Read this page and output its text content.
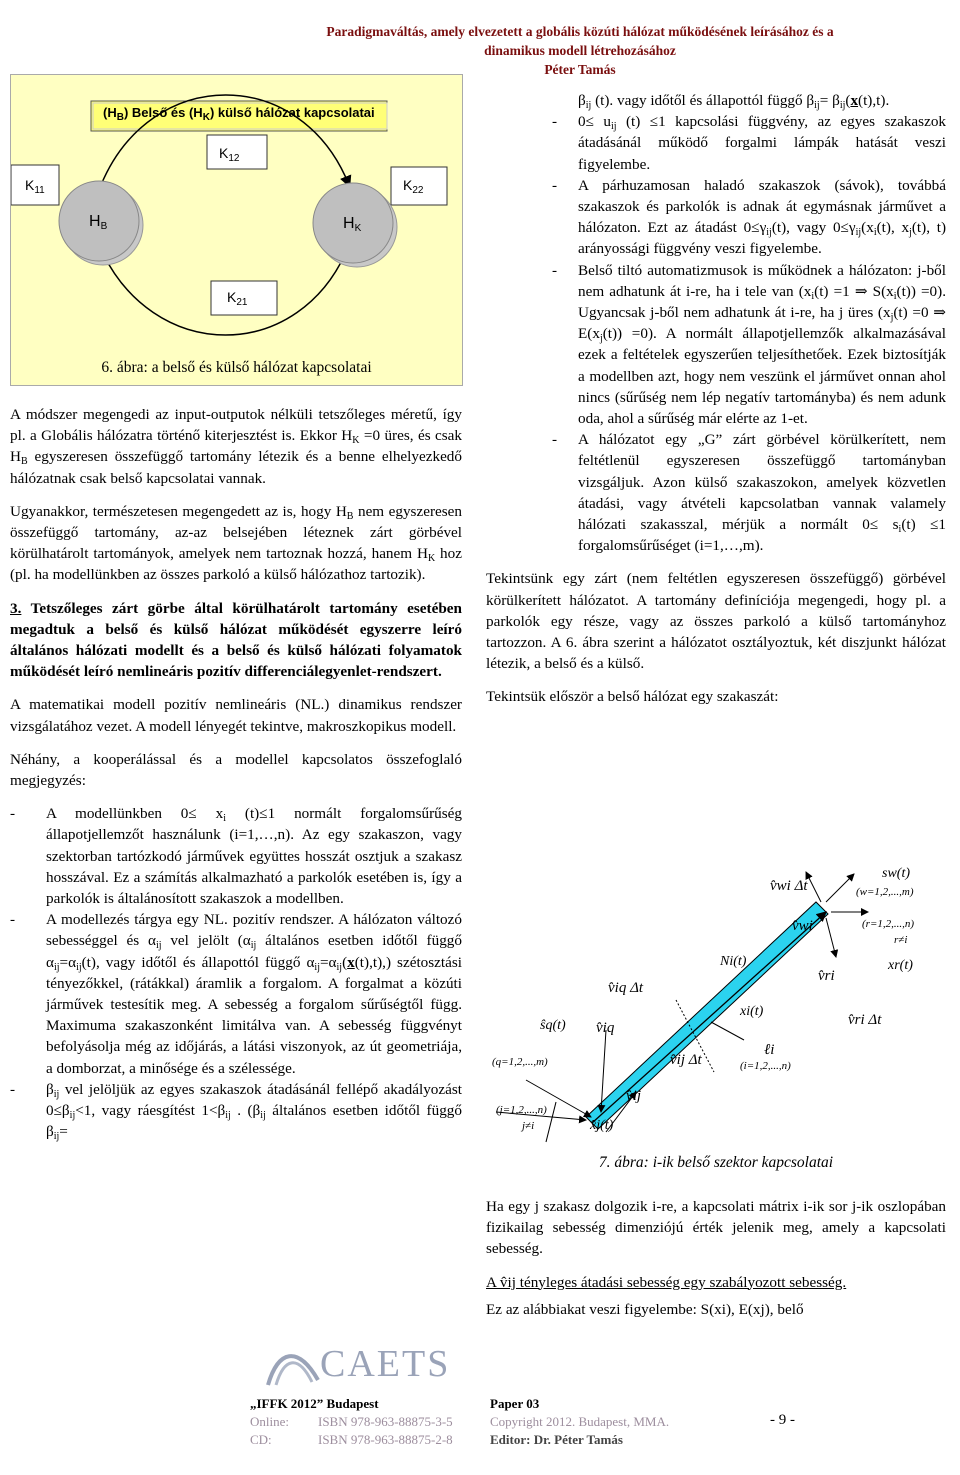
Paradigmaváltás, amely elvezetett a globális közúti hálózat működésének leírásához és a
dinamikus modell létrehozásához
Péter Tamás
$(H_B)$ Belső és $(H_K)$ külső hálózat kapcsolatai
$K_{11}$
$K_{12}$
$K_{21}$
$K_{22}$
$H_B$	$H_K$
6. ábra: a belső és külső hálózat kapcsolatai

A módszer megengedi az input-outputok nélküli tetszőleges méretű, így pl. a Globális hálózatra történő kiterjesztést is. Ekkor $H_K =0$ üres, és csak $H_B$ egyszeresen összefüggő tartomány létezik és a benne elhelyezkedő hálózatnak csak belső kapcsolatai vannak.

Ugyanakkor, természetesen megengedett az is, hogy $H_B$ nem egyszeresen összefüggő tartomány, az-az belsejében léteznek zárt görbével körülhatárolt tartományok, amelyek nem tartoznak hozzá, hanem $H_K$ hoz (pl. ha modellünkben az összes parkoló a külső hálózathoz tartozik).

3. Tetszőleges zárt görbe által körülhatárolt tartomány esetében megadtuk a belső és külső hálózat működését egyszerre leíró általános hálózati modellt és a belső és külső hálózati folyamatok működését leíró nemlineáris pozitív differenciálegyenlet-rendszert.

A matematikai modell pozitív nemlineáris (NL.) dinamikus rendszer vizsgálatához vezet. A modell lényegét tekintve, makroszkopikus modell.

Néhány, a kooperálással és a modellel kapcsolatos összefoglaló megjegyzés:

- A modellünkben $0\le x_i$ (t)≤1 normált forgalomsűrűség állapotjellemzőt használunk (i=1,…,n). Az egy szakaszon, vagy szektorban tartózkodó járművek együttes hosszát osztjuk a szakasz hosszával. Ez a számítás alkalmazható a parkolók esetében is, így a parkolók is általánosított szakaszok a modellben.
- A modellezés tárgya egy NL. pozitív rendszer. A hálózaton változó sebességgel és $\alpha_{ij}$ vel jelölt ($\alpha_{ij}$ általános esetben időtől függő $\alpha_{ij}=\alpha_{ij}(t)$, vagy időtől és állapottól függő $\alpha_{ij}=\alpha_{ij}(x(t),t)$,) szétosztási tényezőkkel, (rátákkal) áramlik a forgalom. A forgalmat a közúti járművek testesítik meg. A sebesség a forgalom sűrűségtől függ. Maximuma szakaszonként limitálva van. A sebesség függvényt befolyásolja még az időjárás, a látási viszonyok, az út geometriája, a domborzat, a minősége és a szélessége.
- $\beta_{ij}$ vel jelöljük az egyes szakaszok átadásánál fellépő akadályozást $0\le\beta_{ij}<1$, vagy ráesgítést $1<\beta_{ij}$ . ($\beta_{ij}$ általános esetben időtől függő $\beta_{ij}=$
$\beta_{ij}$ (t). vagy időtől és állapottól függő $\beta_{ij}= \beta_{ij}(x(t),t)$.
- $0\le u_{ij}$ (t) ≤1 kapcsolási függvény, az egyes szakaszok átadásánál működő forgalmi lámpák hatását veszi figyelembe.
- A párhuzamosan haladó szakaszok (sávok), továbbá szakaszok és parkolók is adnak át egymásnak járművet a hálózaton. Ezt az átadást $0\le\gamma_{ij}(t)$, vagy $0\le\gamma_{ij}(x_i(t)$, $x_j(t)$, t) arányossági függvény veszi figyelembe.
- Belső tiltó automatizmusok is működnek a hálózaton: j-ből nem adhatunk át i-re, ha i tele van ($x_i(t) =1$ ⇒ $S(x_i(t)) =0$). Ugyancsak j-ből nem adhatunk át i-re, ha j üres ($x_j(t) =0$ ⇒ $E(x_j(t)) =0$). A normált állapotjellemzők alkalmazásával ezek a feltételek egyszerűen teljesíthetőek. Ezek biztosítják a modellben azt, hogy nem veszünk el járművet onnan ahol nincs (sűrűség nem lép negatív tartományba) és nem adunk oda, ahol a sűrűség már elérte az 1-et.
- A hálózatot egy „G” zárt görbével körülkerített, nem feltétlenül egyszeresen összefüggő tartományban vizsgáljuk. Azon külső szakaszokon, amelyek közvetlen átadási, vagy átvételi kapcsolatban vannak valamely hálózati szakasszal, mérjük a normált $0\le s_i(t) \le 1$ forgalomsűrűséget (i=1,…,m).

Tekintsünk egy zárt (nem feltétlen egyszeresen összefüggő) görbével körülkerített hálózatot. A tartomány definíciója megengedi, hogy pl. a parkolók egy része, vagy az összes parkoló a külső tartományhoz tartozzon. A 6. ábra szerint a hálózatot osztályoztuk, két diszjunkt hálózat létezik, a belső és a külső.

Tekintsük először a belső hálózat egy szakaszát:

sw(t)
(w=1,2,...,m)
v̂wi Δt
v̂wi	(r=1,2,...,n)
r≠i
xr(t)
v̂ri
v̂ri Δt
Ni(t)
xi(t)
ℓi
(i=1,2,...,n)
v̂iq Δt
v̂iq
ŝq(t)
(q=1,2,...,m)	v̂ij Δt
v̂ij
(j=1,2,...,n)
j≠i	x̂j(t)
7. ábra: i-ik belső szektor kapcsolatai

Ha egy j szakasz dolgozik i-re, a kapcsolati mátrix i-ik sor j-ik oszlopában fizikailag sebesség dimenziójú érték jelenik meg, amely a kapcsolati sebesség.

A v̂ij tényleges átadási sebesség egy szabályozott sebesség.

Ez az alábbiakat veszi figyelembe: S(xi), E(xj), belő

CAETS
„IFFK 2012” Budapest
Online: ISBN 978-963-88875-3-5
CD:	ISBN 978-963-88875-2-8
Paper 03
Copyright 2012. Budapest, MMA.
Editor: Dr. Péter Tamás
- 9 -
